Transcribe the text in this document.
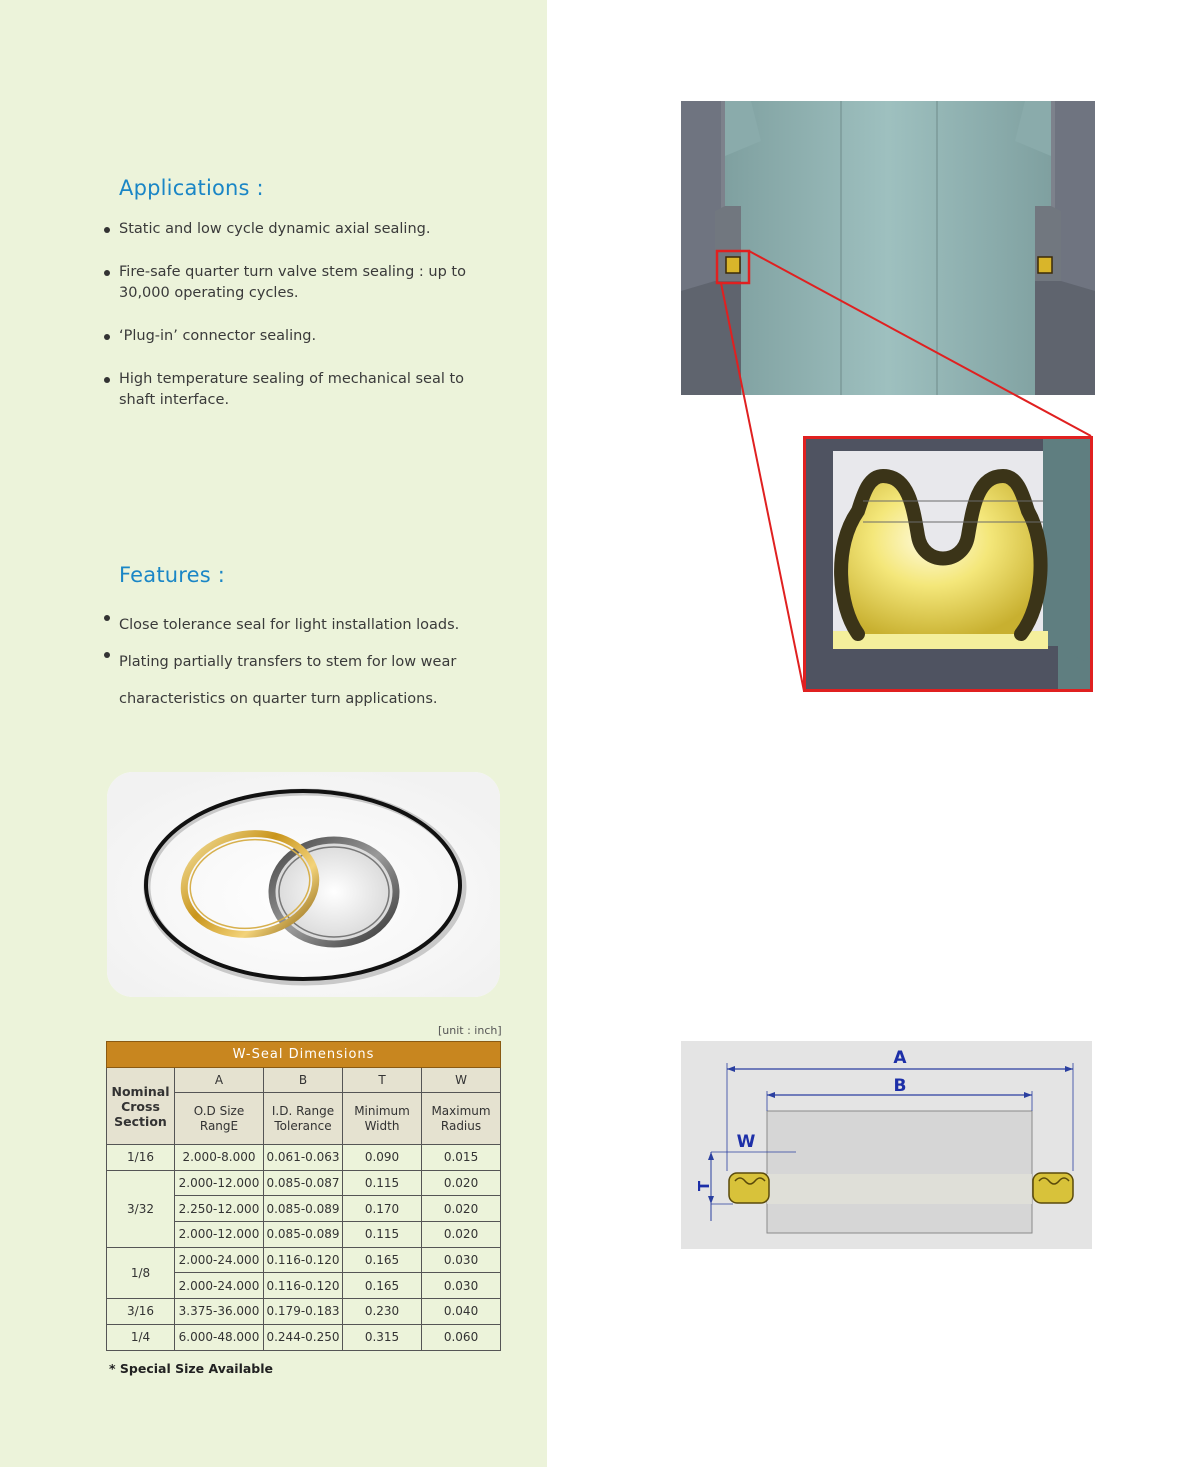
Applications :
Static and low cycle dynamic axial sealing.
Fire-safe quarter turn valve stem sealing : up to 30,000 operating cycles.
‘Plug-in’ connector sealing.
High temperature sealing of mechanical seal to shaft interface.
Features :
Close tolerance seal for light installation loads.
Plating partially transfers to stem for low wear characteristics on quarter turn applications.
[unit : inch]
W-Seal Dimensions				
Nominal Cross Section	A	B	T	W
	O.D Size RangE	I.D. Range Tolerance	Minimum Width	Maximum Radius
1/16	2.000-8.000	0.061-0.063	0.090	0.015
3/32	2.000-12.000	0.085-0.087	0.115	0.020
	2.250-12.000	0.085-0.089	0.170	0.020
	2.000-12.000	0.085-0.089	0.115	0.020
1/8	2.000-24.000	0.116-0.120	0.165	0.030
	2.000-24.000	0.116-0.120	0.165	0.030
3/16	3.375-36.000	0.179-0.183	0.230	0.040
1/4	6.000-48.000	0.244-0.250	0.315	0.060
* Special Size Available
A
B
W
T
